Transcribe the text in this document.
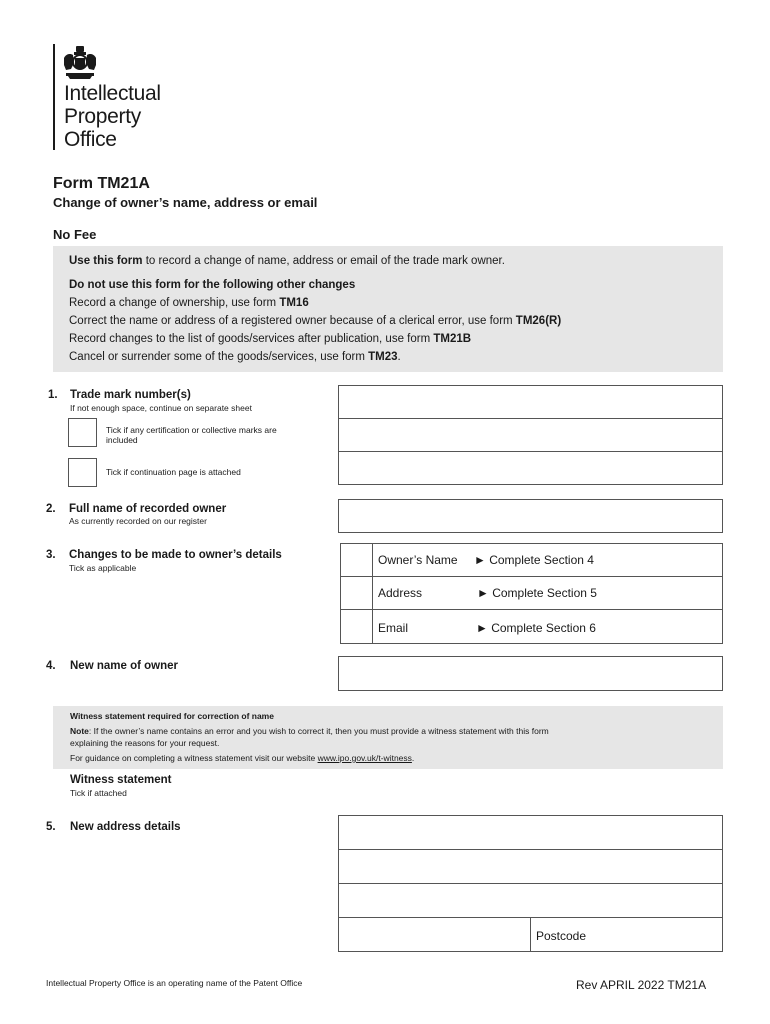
Intellectual
Property
Office
Form TM21A
Change of owner’s name, address or email
No Fee
Use this form to record a change of name, address or email of the trade mark owner.
Do not use this form for the following other changes
Record a change of ownership, use form TM16
Correct the name or address of a registered owner because of a clerical error, use form TM26(R)
Record changes to the list of goods/services after publication, use form TM21B
Cancel or surrender some of the goods/services, use form TM23.
1. Trade mark number(s)
If not enough space, continue on separate sheet
Tick if any certification or collective marks are included
Tick if continuation page is attached
2. Full name of recorded owner
As currently recorded on our register
3. Changes to be made to owner’s details
Tick as applicable
Owner’s Name ► Complete Section 4
Address	► Complete Section 5
Email	► Complete Section 6
4. New name of owner
Witness statement required for correction of name
Note: If the owner’s name contains an error and you wish to correct it, then you must provide a witness statement with this form
explaining the reasons for your request.
For guidance on completing a witness statement visit our website www.ipo.gov.uk/t-witness.
Witness statement
Tick if attached
5. New address details
Postcode
Intellectual Property Office is an operating name of the Patent Office	Rev APRIL 2022 TM21A
